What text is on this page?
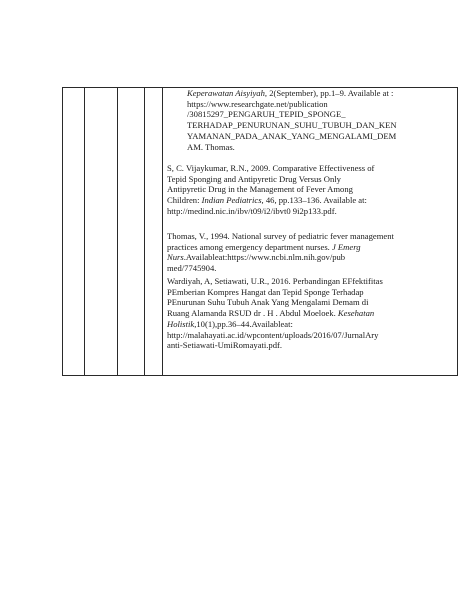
Keperawatan Aisyiyah, 2(September), pp.1–9. Available at :
https://www.researchgate.net/publication
/30815297_PENGARUH_TEPID_SPONGE_
TERHADAP_PENURUNAN_SUHU_TUBUH_DAN_KEN
YAMANAN_PADA_ANAK_YANG_MENGALAMI_DEM
AM. Thomas.
S, C. Vijaykumar, R.N., 2009. Comparative Effectiveness of
Tepid Sponging and Antipyretic Drug Versus Only
Antipyretic Drug in the Management of Fever Among
Children: Indian Pediatrics, 46, pp.133–136. Available at:
http://medind.nic.in/ibv/t09/i2/ibvt0 9i2p133.pdf.
Thomas, V., 1994. National survey of pediatric fever management
practices among emergency department nurses. J Emerg
Nurs.Availableat:https://www.ncbi.nlm.nih.gov/pub
med/7745904.
Wardiyah, A, Setiawati, U.R., 2016. Perbandingan EFfektifitas
PEmberian Kompres Hangat dan Tepid Sponge Terhadap
PEnurunan Suhu Tubuh Anak Yang Mengalami Demam di
Ruang Alamanda RSUD dr . H . Abdul Moeloek. Kesehatan
Holistik,10(1),pp.36–44.Availableat:
http://malahayati.ac.id/wpcontent/uploads/2016/07/JurnalAry
anti-Setiawati-UmiRomayati.pdf.
